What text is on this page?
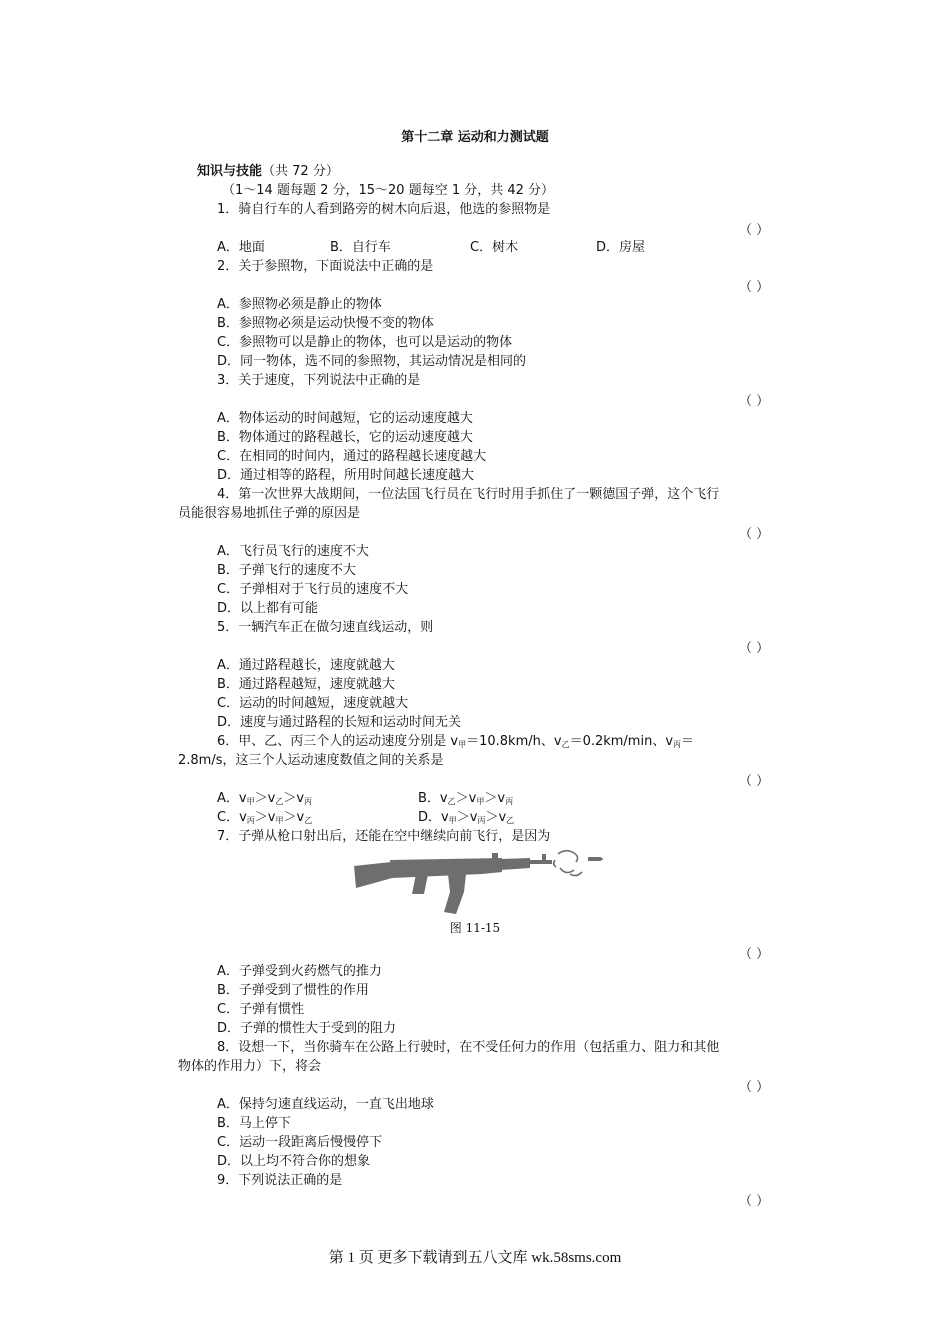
第十二章 运动和力测试题
知识与技能（共 72 分）
（1～14 题每题 2 分，15～20 题每空 1 分，共 42 分）
1．骑自行车的人看到路旁的树木向后退，他选的参照物是
（ ）
A．地面	B．自行车	C．树木	D．房屋
2．关于参照物，下面说法中正确的是
（ ）
A．参照物必须是静止的物体
B．参照物必须是运动快慢不变的物体
C．参照物可以是静止的物体，也可以是运动的物体
D．同一物体，选不同的参照物，其运动情况是相同的
3．关于速度，下列说法中正确的是
（ ）
A．物体运动的时间越短，它的运动速度越大
B．物体通过的路程越长，它的运动速度越大
C．在相同的时间内，通过的路程越长速度越大
D．通过相等的路程，所用时间越长速度越大
4．第一次世界大战期间，一位法国飞行员在飞行时用手抓住了一颗德国子弹，这个飞行
员能很容易地抓住子弹的原因是
（ ）
A．飞行员飞行的速度不大
B．子弹飞行的速度不大
C．子弹相对于飞行员的速度不大
D．以上都有可能
5．一辆汽车正在做匀速直线运动，则
（ ）
A．通过路程越长，速度就越大
B．通过路程越短，速度就越大
C．运动的时间越短，速度就越大
D．速度与通过路程的长短和运动时间无关
6．甲、乙、丙三个人的运动速度分别是 v甲＝10.8km/h、v乙＝0.2km/min、v丙＝
2.8m/s，这三个人运动速度数值之间的关系是
（ ）
A．v甲＞v乙＞v丙	B．v乙＞v甲＞v丙
C．v丙＞v甲＞v乙	D．v甲＞v丙＞v乙
7．子弹从枪口射出后，还能在空中继续向前飞行，是因为
图 11-15
（ ）
A．子弹受到火药燃气的推力
B．子弹受到了惯性的作用
C．子弹有惯性
D．子弹的惯性大于受到的阻力
8．设想一下，当你骑车在公路上行驶时，在不受任何力的作用（包括重力、阻力和其他
物体的作用力）下，将会
（ ）
A．保持匀速直线运动，一直飞出地球
B．马上停下
C．运动一段距离后慢慢停下
D．以上均不符合你的想象
9．下列说法正确的是
（ ）
第 1 页 更多下载请到五八文库 wk.58sms.com
